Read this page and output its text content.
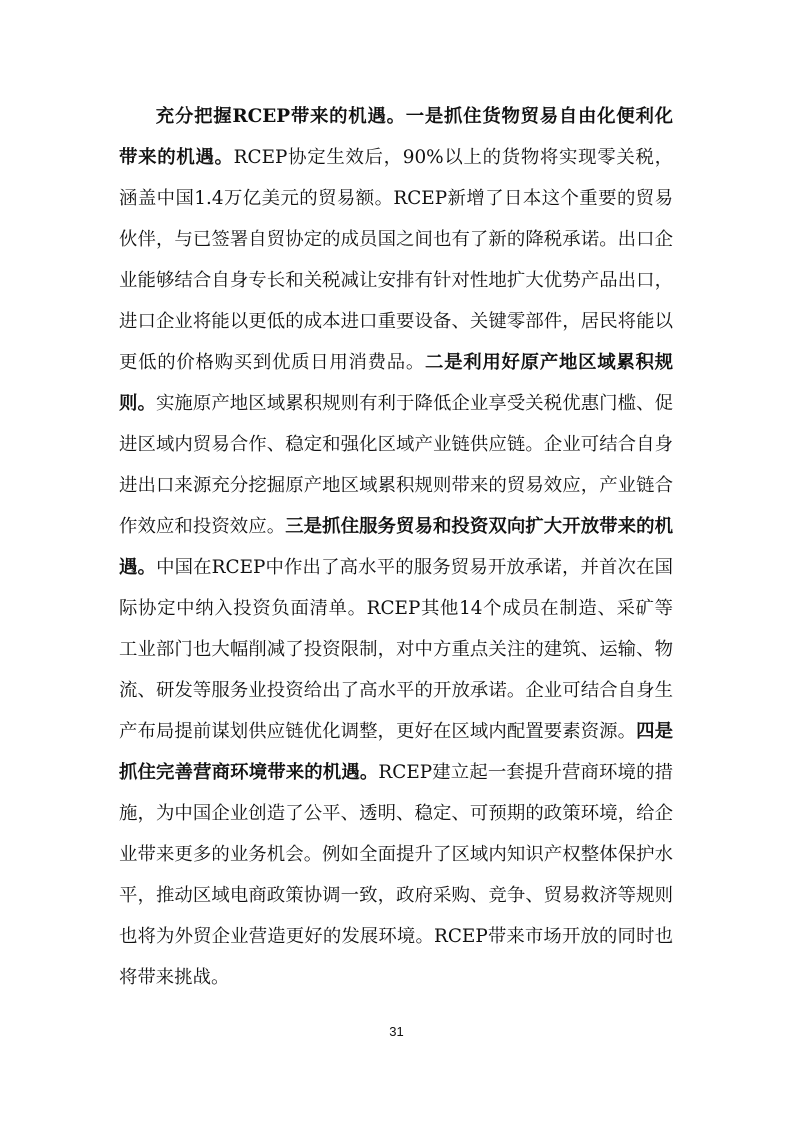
充分把握RCEP带来的机遇。一是抓住货物贸易自由化便利化带来的机遇。RCEP协定生效后，90%以上的货物将实现零关税，涵盖中国1.4万亿美元的贸易额。RCEP新增了日本这个重要的贸易伙伴，与已签署自贸协定的成员国之间也有了新的降税承诺。出口企业能够结合自身专长和关税减让安排有针对性地扩大优势产品出口，进口企业将能以更低的成本进口重要设备、关键零部件，居民将能以更低的价格购买到优质日用消费品。二是利用好原产地区域累积规则。实施原产地区域累积规则有利于降低企业享受关税优惠门槛、促进区域内贸易合作、稳定和强化区域产业链供应链。企业可结合自身进出口来源充分挖掘原产地区域累积规则带来的贸易效应，产业链合作效应和投资效应。三是抓住服务贸易和投资双向扩大开放带来的机遇。中国在RCEP中作出了高水平的服务贸易开放承诺，并首次在国际协定中纳入投资负面清单。RCEP其他14个成员在制造、采矿等工业部门也大幅削减了投资限制，对中方重点关注的建筑、运输、物流、研发等服务业投资给出了高水平的开放承诺。企业可结合自身生产布局提前谋划供应链优化调整，更好在区域内配置要素资源。四是抓住完善营商环境带来的机遇。RCEP建立起一套提升营商环境的措施，为中国企业创造了公平、透明、稳定、可预期的政策环境，给企业带来更多的业务机会。例如全面提升了区域内知识产权整体保护水平，推动区域电商政策协调一致，政府采购、竞争、贸易救济等规则也将为外贸企业营造更好的发展环境。RCEP带来市场开放的同时也将带来挑战。

31
